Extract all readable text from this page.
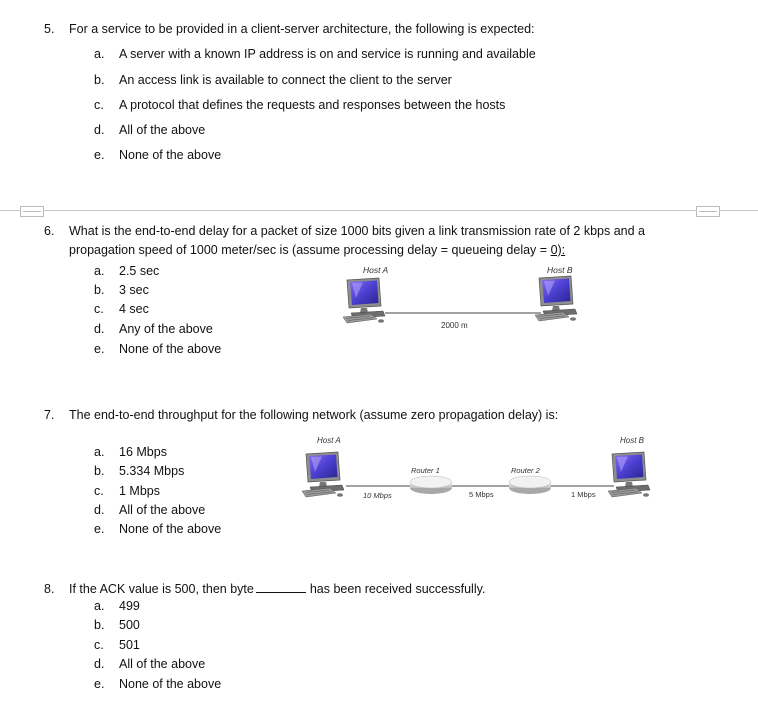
5. For a service to be provided in a client-server architecture, the following is expected:
a. A server with a known IP address is on and service is running and available
b. An access link is available to connect the client to the server
c. A protocol that defines the requests and responses between the hosts
d. All of the above
e. None of the above
6. What is the end-to-end delay for a packet of size 1000 bits given a link transmission rate of 2 kbps and a
propagation speed of 1000 meter/sec is (assume processing delay = queueing delay = 0):
a. 2.5 sec
b. 3 sec
c. 4 sec
d. Any of the above
e. None of the above
Host A	Host B
2000 m
7. The end-to-end throughput for the following network (assume zero propagation delay) is:
a. 16 Mbps
b. 5.334 Mbps
c. 1 Mbps
d. All of the above
e. None of the above
Host A	Host B
Router 1	Router 2
10 Mbps	5 Mbps	1 Mbps
8. If the ACK value is 500, then byte	has been received successfully.
a. 499
b. 500
c. 501
d. All of the above
e. None of the above
